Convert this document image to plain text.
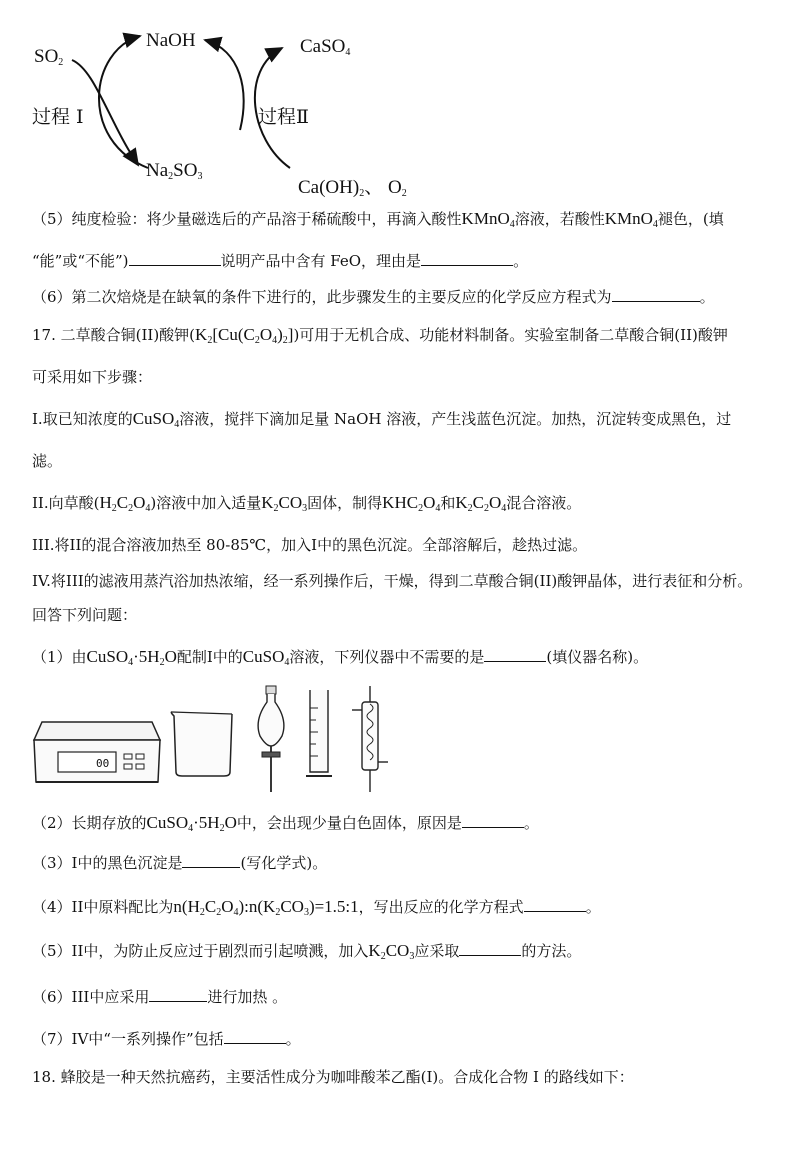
$SO_2$
NaOH	CaSO$_4$
过程 I	过程Ⅱ
$Na_2SO_3$
$Ca(OH)_2$、 $O_2$
（5）纯度检验：将少量磁选后的产品溶于稀硫酸中，再滴入酸性KMnO$_4$溶液，若酸性KMnO$_4$褪色，(填
“能”或“不能”)	说明产品中含有 FeO，理由是	。
（6）第二次焙烧是在缺氧的条件下进行的，此步骤发生的主要反应的化学反应方程式为	。
17. 二草酸合铜(II)酸钾$(K_2[Cu(C_2O_4)_2])$可用于无机合成、功能材料制备。实验室制备二草酸合铜(II)酸钾
可采用如下步骤：
I.取已知浓度的CuSO$_4$溶液，搅拌下滴加足量 NaOH 溶液，产生浅蓝色沉淀。加热，沉淀转变成黑色，过
滤。
II.向草酸$(H_2C_2O_4)$溶液中加入适量$K_2CO_3$固体，制得$KHC_2O_4$和$K_2C_2O_4$混合溶液。
III.将II的混合溶液加热至 80-85℃，加入I中的黑色沉淀。全部溶解后，趁热过滤。
IV.将III的滤液用蒸汽浴加热浓缩，经一系列操作后，干燥，得到二草酸合铜(II)酸钾晶体，进行表征和分析。
回答下列问题：
（1）由$CuSO_4\cdot 5H_2O$配制I中的CuSO$_4$溶液，下列仪器中不需要的是	(填仪器名称)。
00
（2）长期存放的$CuSO_4\cdot 5H_2O$中，会出现少量白色固体，原因是	。
（3）I中的黑色沉淀是	(写化学式)。
（4）II中原料配比为$n(H_2C_2O_4):n(K_2CO_3)=1.5:1$，写出反应的化学方程式	。
（5）II中，为防止反应过于剧烈而引起喷溅，加入$K_2CO_3$应采取	的方法。
（6）III中应采用	进行加热 。
（7）IV中“一系列操作”包括	。
18. 蜂胶是一种天然抗癌药，主要活性成分为咖啡酸苯乙酯(I)。合成化合物 I 的路线如下：
